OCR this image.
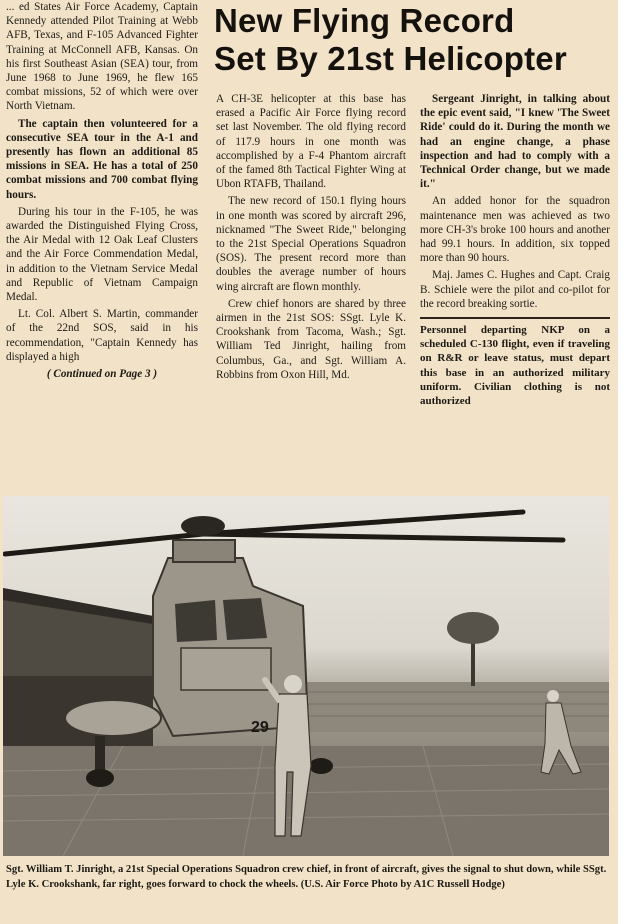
... ed States Air Force Academy, Captain Kennedy attended Pilot Training at Webb AFB, Texas, and F-105 Advanced Fighter Training at McConnell AFB, Kansas. On his first Southeast Asian (SEA) tour, from June 1968 to June 1969, he flew 165 combat missions, 52 of which were over North Vietnam.

The captain then volunteered for a consecutive SEA tour in the A-1 and presently has flown an additional 85 missions in SEA. He has a total of 250 combat missions and 700 combat flying hours.

During his tour in the F-105, he was awarded the Distinguished Flying Cross, the Air Medal with 12 Oak Leaf Clusters and the Air Force Commendation Medal, in addition to the Vietnam Service Medal and Republic of Vietnam Campaign Medal.

Lt. Col. Albert S. Martin, commander of the 22nd SOS, said in his recommendation, "Captain Kennedy has displayed a high

( Continued on Page 3 )

New Flying Record
Set By 21st Helicopter

A CH-3E helicopter at this base has erased a Pacific Air Force flying record set last November. The old flying record of 117.9 hours in one month was accomplished by a F-4 Phantom aircraft of the famed 8th Tactical Fighter Wing at Ubon RTAFB, Thailand.

The new record of 150.1 flying hours in one month was scored by aircraft 296, nicknamed "The Sweet Ride," belonging to the 21st Special Operations Squadron (SOS). The present record more than doubles the average number of hours wing aircraft are flown monthly.

Crew chief honors are shared by three airmen in the 21st SOS: SSgt. Lyle K. Crookshank from Tacoma, Wash.; Sgt. William Ted Jinright, hailing from Columbus, Ga., and Sgt. William A. Robbins from Oxon Hill, Md.

Sergeant Jinright, in talking about the epic event said, "I knew 'The Sweet Ride' could do it. During the month we had an engine change, a phase inspection and had to comply with a Technical Order change, but we made it."

An added honor for the squadron maintenance men was achieved as two more CH-3's broke 100 hours and another had 99.1 hours. In addition, six topped more than 90 hours.

Maj. James C. Hughes and Capt. Craig B. Schiele were the pilot and co-pilot for the record breaking sortie.

Personnel departing NKP on a scheduled C-130 flight, even if traveling on R&R or leave status, must depart this base in an authorized military uniform. Civilian clothing is not authorized

29
Sgt. William T. Jinright, a 21st Special Operations Squadron crew chief, in front of aircraft, gives the signal to shut down, while SSgt. Lyle K. Crookshank, far right, goes forward to chock the wheels. (U.S. Air Force Photo by A1C Russell Hodge)
